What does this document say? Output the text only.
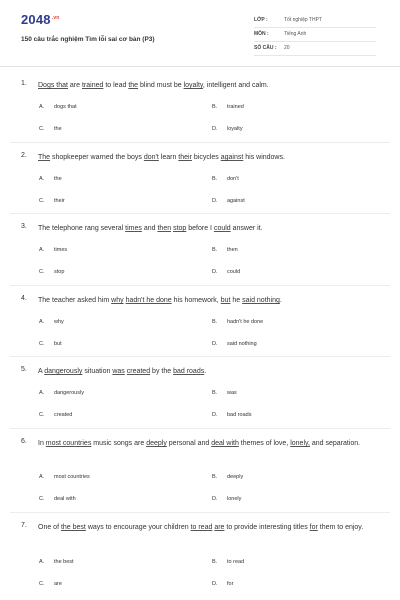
$2048^{.vn}$
150 câu trắc nghiệm Tìm lỗi sai cơ bản (P3)
LỚP :	Tốt nghiệp THPT
MÔN :	Tiếng Anh
SỐ CÂU : 20
1. Dogs that are trained to lead the blind must be loyalty, intelligent and calm.
A. dogs that	B. trained
C. the	D. loyalty
2. The shopkeeper warned the boys don't learn their bicycles against his windows.
A. the	B. don't
C. their	D. against
3. The telephone rang several times and then stop before I could answer it.
A. times	B. then
C. stop	D. could
4. The teacher asked him why hadn't he done his homework, but he said nothing.
A. why	B. hadn't he done
C. but	D. said nothing
5. A dangerously situation was created by the bad roads.
A. dangerously	B. was
C. created	D. bad roads
6. In most countries music songs are deeply personal and deal with themes of love, lonely, and separation.
A. most countries	B. deeply
C. deal with	D. lonely
7. One of the best ways to encourage your children to read are to provide interesting titles for them to enjoy.
A. the best	B. to read
C. are	D. for
